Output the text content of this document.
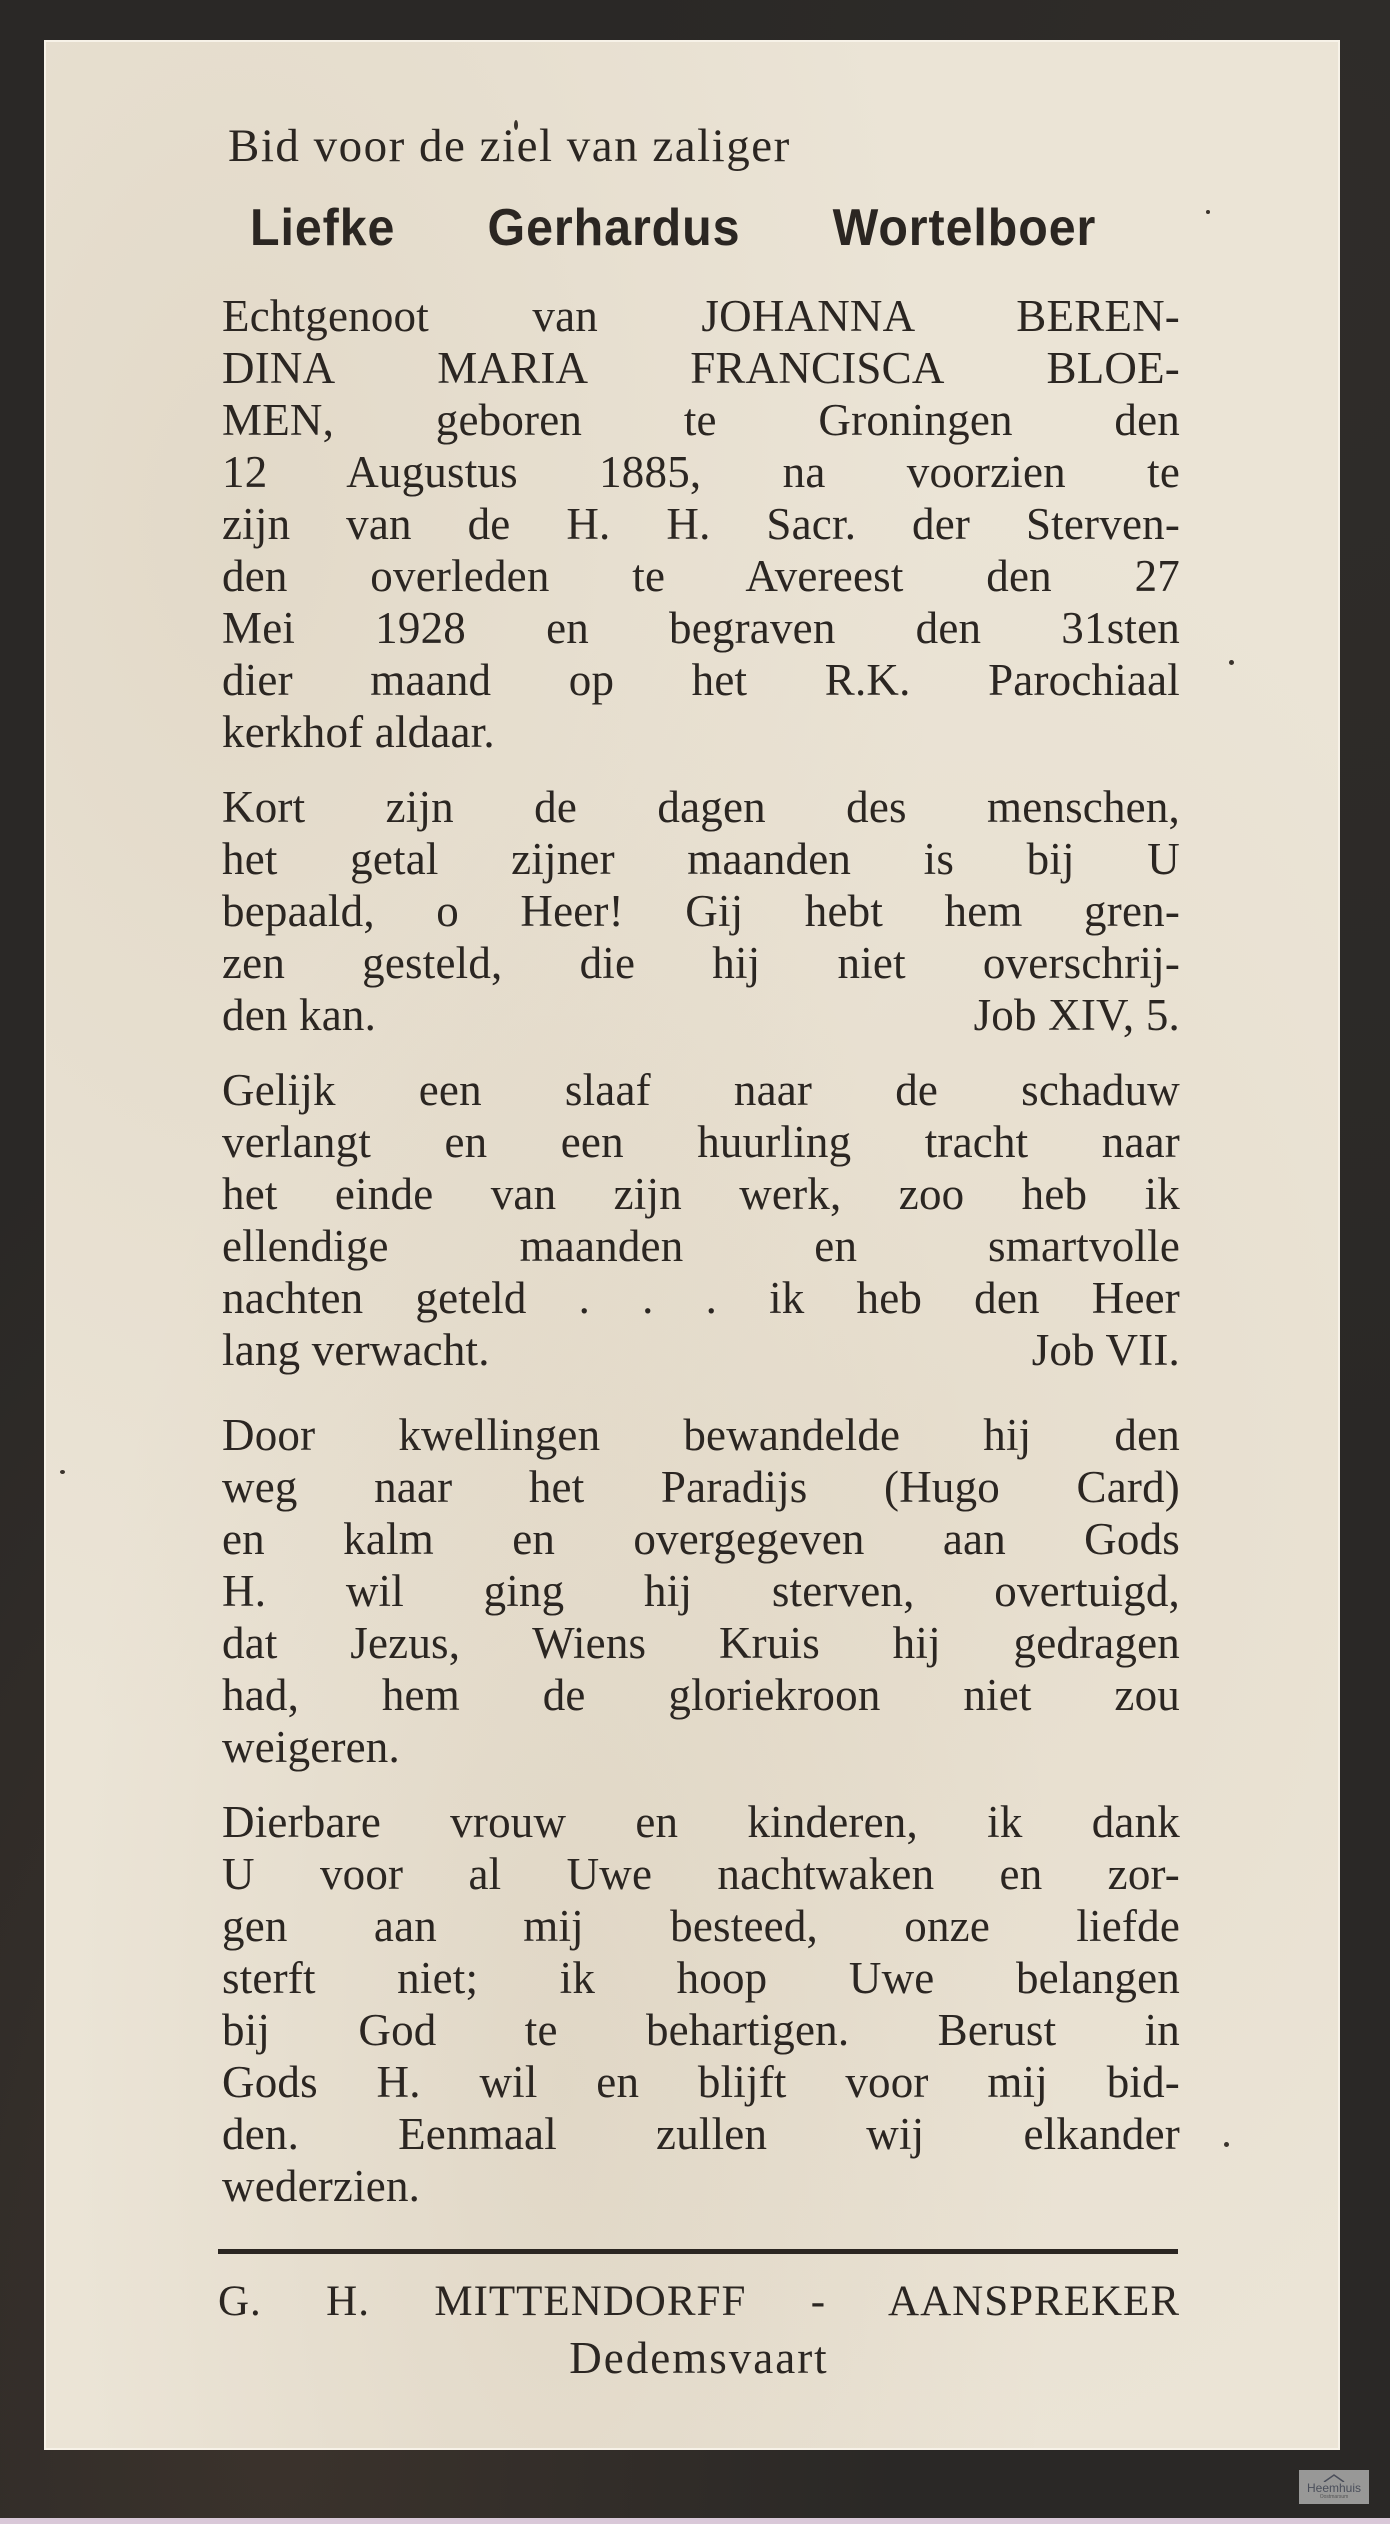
Bid voor de ziel van zaliger
Liefke Gerhardus Wortelboer
Echtgenoot van JOHANNA BEREN-
DINA MARIA FRANCISCA BLOE-
MEN, geboren te Groningen den
12 Augustus 1885, na voorzien te
zijn van de H. H. Sacr. der Sterven-
den overleden te Avereest den 27
Mei 1928 en begraven den 31sten
dier maand op het R.K. Parochiaal
kerkhof aldaar.
Kort zijn de dagen des menschen,
het getal zijner maanden is bij U
bepaald, o Heer! Gij hebt hem gren-
zen gesteld, die hij niet overschrij-
den kan.	Job XIV, 5.
Gelijk een slaaf naar de schaduw
verlangt en een huurling tracht naar
het einde van zijn werk, zoo heb ik
ellendige maanden en smartvolle
nachten geteld . . . ik heb den Heer
lang verwacht.	Job VII.
Door kwellingen bewandelde hij den
weg naar het Paradijs (Hugo Card)
en kalm en overgegeven aan Gods
H. wil ging hij sterven, overtuigd,
dat Jezus, Wiens Kruis hij gedragen
had, hem de gloriekroon niet zou
weigeren.
Dierbare vrouw en kinderen, ik dank
U voor al Uwe nachtwaken en zor-
gen aan mij besteed, onze liefde
sterft niet; ik hoop Uwe belangen
bij God te behartigen. Berust in
Gods H. wil en blijft voor mij bid-
den. Eenmaal zullen wij elkander
wederzien.
G. H. MITTENDORFF - AANSPREKER
Dedemsvaart
Heemhuis
Oostmarsum
